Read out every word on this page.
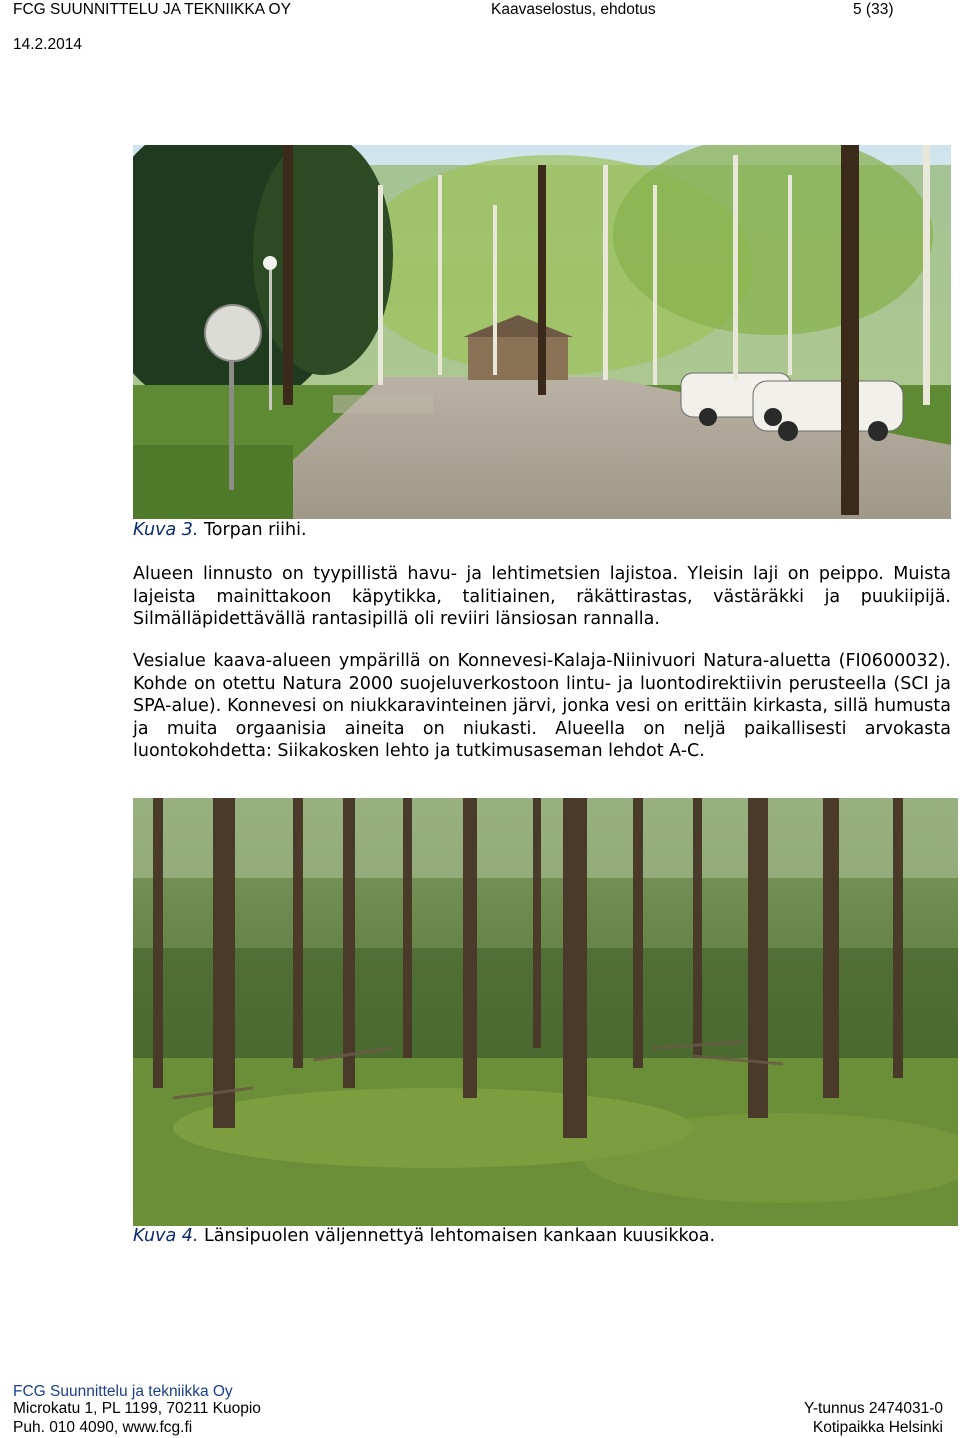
FCG SUUNNITTELU JA TEKNIIKKA OY	Kaavaselostus, ehdotus	5 (33)
14.2.2014
Kuva 3. Torpan riihi.

Alueen linnusto on tyypillistä havu- ja lehtimetsien lajistoa. Yleisin laji on peippo. Muista lajeista mainittakoon käpytikka, talitiainen, räkättirastas, västäräkki ja puukiipijä. Silmälläpidettävällä rantasipillä oli reviiri länsiosan rannalla.

Vesialue kaava-alueen ympärillä on Konnevesi-Kalaja-Niinivuori Natura-aluetta (FI0600032). Kohde on otettu Natura 2000 suojeluverkostoon lintu- ja luontodirektiivin perusteella (SCI ja SPA-alue). Konnevesi on niukkaravinteinen järvi, jonka vesi on erittäin kirkasta, sillä humusta ja muita orgaanisia aineita on niukasti. Alueella on neljä paikallisesti arvokasta luontokohdetta: Siikakosken lehto ja tutkimusaseman lehdot A-C.

Kuva 4. Länsipuolen väljennettyä lehtomaisen kankaan kuusikkoa.
FCG Suunnittelu ja tekniikka Oy
Microkatu 1, PL 1199, 70211 Kuopio
Puh. 010 4090, www.fcg.fi
Y-tunnus 2474031-0
Kotipaikka Helsinki
